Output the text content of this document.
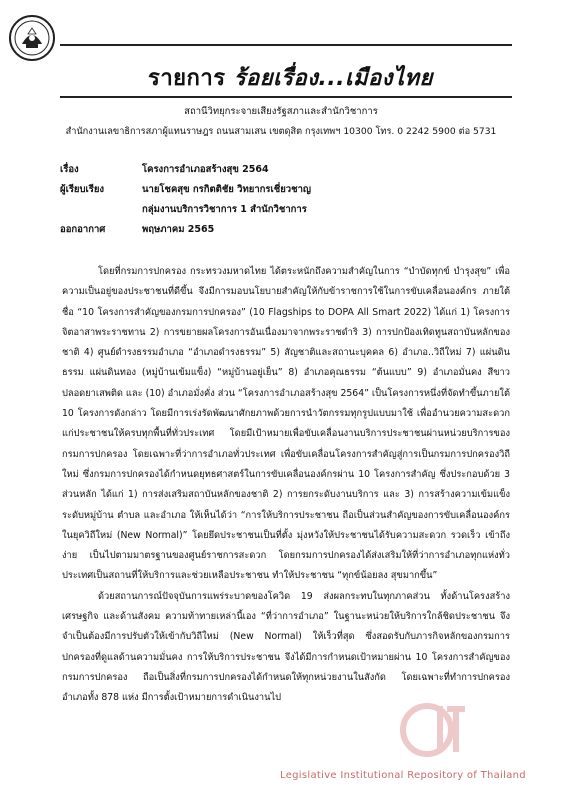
รายการ ร้อยเรื่อง...เมืองไทย
สถานีวิทยุกระจายเสียงรัฐสภาและสำนักวิชาการ
สำนักงานเลขาธิการสภาผู้แทนราษฎร ถนนสามเสน เขตดุสิต กรุงเทพฯ 10300 โทร. 0 2242 5900 ต่อ 5731
เรื่อง	โครงการอำเภอสร้างสุข 2564
ผู้เรียบเรียง	นายโชคสุข กรกิตติชัย วิทยากรเชี่ยวชาญ
กลุ่มงานบริการวิชาการ 1 สำนักวิชาการ
ออกอากาศ	พฤษภาคม 2565

โดยที่กรมการปกครอง กระทรวงมหาดไทย ได้ตระหนักถึงความสำคัญในการ “บำบัดทุกข์ บำรุงสุข” เพื่อความเป็นอยู่ของประชาชนที่ดีขึ้น จึงมีการมอบนโยบายสำคัญให้กับข้าราชการใช้ในการขับเคลื่อนองค์กร ภายใต้ชื่อ “10 โครงการสำคัญของกรมการปกครอง” (10 Flagships to DOPA All Smart 2022) ได้แก่ 1) โครงการจิตอาสาพระราชทาน 2) การขยายผลโครงการอันเนื่องมาจากพระราชดำริ 3) การปกป้องเทิดทูนสถาบันหลักของชาติ 4) ศูนย์ดำรงธรรมอำเภอ “อำเภอดำรงธรรม” 5) สัญชาติและสถานะบุคคล 6) อำเภอ..วิถีใหม่ 7) แผ่นดินธรรม แผ่นดินทอง (หมู่บ้านเข้มแข็ง) “หมู่บ้านอยู่เย็น” 8) อำเภอคุณธรรม “ต้นแบบ” 9) อำเภอมั่นคง สีขาว ปลอดยาเสพติด และ (10) อำเภอมั่งคั่ง ส่วน “โครงการอำเภอสร้างสุข 2564” เป็นโครงการหนึ่งที่จัดทำขึ้นภายใต้ 10 โครงการดังกล่าว โดยมีการเร่งรัดพัฒนาศักยภาพด้วยการนำวัตกรรมทุกรูปแบบมาใช้ เพื่ออำนวยความสะดวกแก่ประชาชนให้ครบทุกพื้นที่ทั่วประเทศ โดยมีเป้าหมายเพื่อขับเคลื่อนงานบริการประชาชนผ่านหน่วยบริการของกรมการปกครอง โดยเฉพาะที่ว่าการอำเภอทั่วประเทศ เพื่อขับเคลื่อนโครงการสำคัญสู่การเป็นกรมการปกครองวิถีใหม่ ซึ่งกรมการปกครองได้กำหนดยุทธศาสตร์ในการขับเคลื่อนองค์กรผ่าน 10 โครงการสำคัญ ซึ่งประกอบด้วย 3 ส่วนหลัก ได้แก่ 1) การส่งเสริมสถาบันหลักของชาติ 2) การยกระดับงานบริการ และ 3) การสร้างความเข้มแข็งระดับหมู่บ้าน ตำบล และอำเภอ ให้เห็นได้ว่า “การให้บริการประชาชน ถือเป็นส่วนสำคัญของการขับเคลื่อนองค์กรในยุควิถีใหม่ (New Normal)” โดยยึดประชาชนเป็นที่ตั้ง มุ่งหวังให้ประชาชนได้รับความสะดวก รวดเร็ว เข้าถึงง่าย เป็นไปตามมาตรฐานของศูนย์ราชการสะดวก โดยกรมการปกครองได้ส่งเสริมให้ที่ว่าการอำเภอทุกแห่งทั่วประเทศเป็นสถานที่ให้บริการและช่วยเหลือประชาชน ทำให้ประชาชน “ทุกข์น้อยลง สุขมากขึ้น”

ด้วยสถานการณ์ปัจจุบันการแพร่ระบาดของโควิด 19 ส่งผลกระทบในทุกภาคส่วน ทั้งด้านโครงสร้างเศรษฐกิจ และด้านสังคม ความท้าทายเหล่านี้เอง “ที่ว่าการอำเภอ” ในฐานะหน่วยให้บริการใกล้ชิดประชาชน จึงจำเป็นต้องมีการปรับตัวให้เข้ากับวิถีใหม่ (New Normal) ให้เร็วที่สุด ซึ่งสอดรับกับภารกิจหลักของกรมการปกครองที่ดูแลด้านความมั่นคง การให้บริการประชาชน จึงได้มีการกำหนดเป้าหมายผ่าน 10 โครงการสำคัญของกรมการปกครอง ถือเป็นสิ่งที่กรมการปกครองได้กำหนดให้ทุกหน่วยงานในสังกัด โดยเฉพาะที่ทำการปกครองอำเภอทั้ง 878 แห่ง มีการตั้งเป้าหมายการดำเนินงานไป

Legislative Institutional Repository of Thailand
